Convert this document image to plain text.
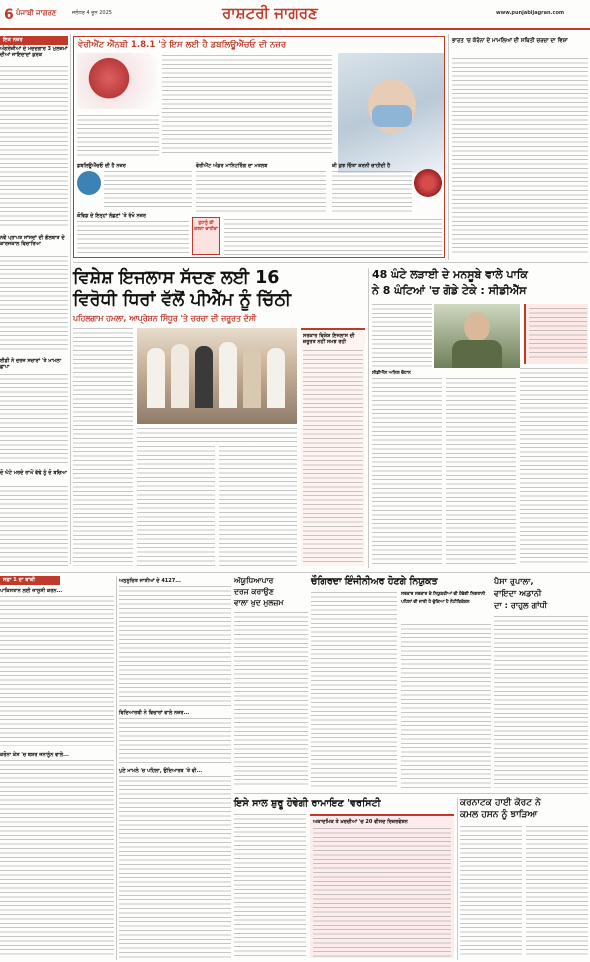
6 ਪੰਜਾਬੀ ਜਾਗਰਣ	ਜਲੰਧਰ 4 ਜੂਨ 2025	ਰਾਸ਼ਟਰੀ ਜਾਗਰਣ	www.punjabijagran.com
ਇਕ ਨਜ਼ਰ
ਅੰਗਰੇਜ਼ੀਆਂ ਦੇ ਮਦਦਗਾਰ 3 ਮੁਲਜ਼ਮਾਂ ਦੀਆਂ ਜਾਇਦਾਦਾਂ ਕੁਰਕ
ਨਵੇਂ ਪ੍ਰਾਪਤ ਸਾਂਸਦਾਂ ਦੀ ਗੱਲਬਾਤ ਦੇ ਕਾਰਜਕਾਲ ਵਿਚਾਰਿਆ
ਈਡੀ ਨੇ ਦਰਜ ਸਚਾਰਾਂ 'ਤੇ ਮਾਮਲਾ ਛਾਪਾ
ਦੋ ਘੰਟੇ ਮਰਦੇ ਰਾਘੋਂ ਵੱਢੇ ਨੂੰ ਦੋ ਬਚਿਆ
ਵੇਰੀਐਂਟ ਐੱਨਬੀ 1.8.1 'ਤੇ ਇਸ ਲਈ ਹੈ ਡਬਲਿਊਐੱਚਓ ਦੀ ਨਜ਼ਰ
ਡਬਲਿਊਐੱਚਓ ਦੀ ਹੈ ਨਜ਼ਰ	ਵੇਰੀਐਂਟ ਅੰਡਰ ਮਾਨਿਟਰਿੰਗ ਦਾ ਮਤਲਬ	ਕੀ ਕੁਝ ਚਿੰਤਾ ਕਰਨੀ ਚਾਹੀਦੀ ਹੈ
ਕੋਵਿਡ ਦੇ ਇਨ੍ਹਾਂ ਲੱਛਣਾਂ 'ਤੇ ਰੱਖੋ ਨਜ਼ਰ
ਤੁਹਾਨੂੰ ਕੀ ਕਰਨਾ ਚਾਹੀਦਾ
ਭਾਰਤ 'ਚ ਕੋਰੋਨਾ ਦੇ ਮਾਮਲਿਆਂ ਦੀ ਸਥਿਤੀ ਚਰਚਾ ਦਾ ਵਿਸ਼ਾ
ਵਿਸ਼ੇਸ਼ ਇਜਲਾਸ ਸੱਦਣ ਲਈ 16
ਵਿਰੋਧੀ ਧਿਰਾਂ ਵੱਲੋਂ ਪੀਐੱਮ ਨੂੰ ਚਿੱਠੀ
ਪਹਿਲਗਾਮ ਹਮਲਾ, ਆਪ੍ਰੇਸ਼ਨ ਸਿੰਧੂਰ 'ਤੇ ਚਰਚਾ ਦੀ ਜ਼ਰੂਰਤ ਦੱਸੀ
ਸਰਕਾਰ ਵਿਸ਼ੇਸ਼ ਇਜਲਾਸ ਦੀ ਜ਼ਰੂਰਤ ਨਹੀਂ ਸਮਝ ਰਹੀ
48 ਘੰਟੇ ਲੜਾਈ ਦੇ ਮਨਸੂਬੇ ਵਾਲੇ ਪਾਕਿ
ਨੇ 8 ਘੰਟਿਆਂ 'ਚ ਗੋਡੇ ਟੇਕੇ : ਸੀਡੀਐੱਸ
ਸੀਡੀਐੱਸ ਅਨਿਲ ਚੌਹਾਨ
ਸਫ਼ਾ 1 ਦਾ ਬਾਕੀ
ਪਾਕਿਸਤਾਨ ਲਈ ਜਾਸੂਸੀ ਕਰਨ...
ਕਰੋਨਾ ਕੇਸ 'ਚ ਬਸ਼ਰ ਜਨਾਨੂੰਨ ਵਾਲੇ...
ਅਨੁਸੂਚਿਤ ਜਾਤੀਆਂ ਦੇ 4127...
ਵਿਦਿਆਰਥੀ ਨੇ ਵਿਚਾਰਾਂ ਵਾਲੇ ਨਜ਼ਰ...
ਪੁਣੇ ਮਾਮਲੇ 'ਚ ਪਹਿਲਾ, ਉਦਿਆਰਥ 'ਤੇ ਵੀ...
ਅੱਯੂਧਿਆਪਾਰ
ਦਰਜ ਕਰਾਉਣ
ਵਾਲਾ ਖੁਦ ਮੁਲਜ਼ਮ
ਚੌਗਿਰਦਾ ਇੰਜੀਨੀਅਰ ਹੋਣਗੇ ਨਿਯੁਕਤ
ਸਰਕਾਰ ਸਰਕਾਰ ਦੇ ਨਿਯੁਕਤੀਆਂ ਦੀ ਹੋਵੇਗੀ ਨਿਗਰਾਨੀ
ਪਹਿਲਾਂ ਵੀ ਜਾਰੀ ਹੋ ਚੁੱਕਿਆ ਹੈ ਨੋਟੀਫਿਕੇਸ਼ਨ
ਪੈਸਾ ਰੁਪਾਲਾ,
ਵਾਇਦਾ ਅਡਾਨੀ
ਦਾ : ਰਾਹੁਲ ਗਾਂਧੀ
ਇਸੇ ਸਾਲ ਸ਼ੁਰੂ ਹੋਵੇਗੀ ਰਾਮਾਇਣ 'ਵਰਸਿਟੀ
ਅਕਾਦਮਿਕ ਤੇ ਖ਼ਰਚੀਆਂ 'ਚ 20 ਵੀਸਦ ਰਿਜ਼ਰਵੇਸ਼ਨ
ਕਰਨਾਟਕ ਹਾਈ ਕੋਰਟ ਨੇ
ਕਮਲ ਹਸਨ ਨੂੰ ਝਾੜਿਆ
